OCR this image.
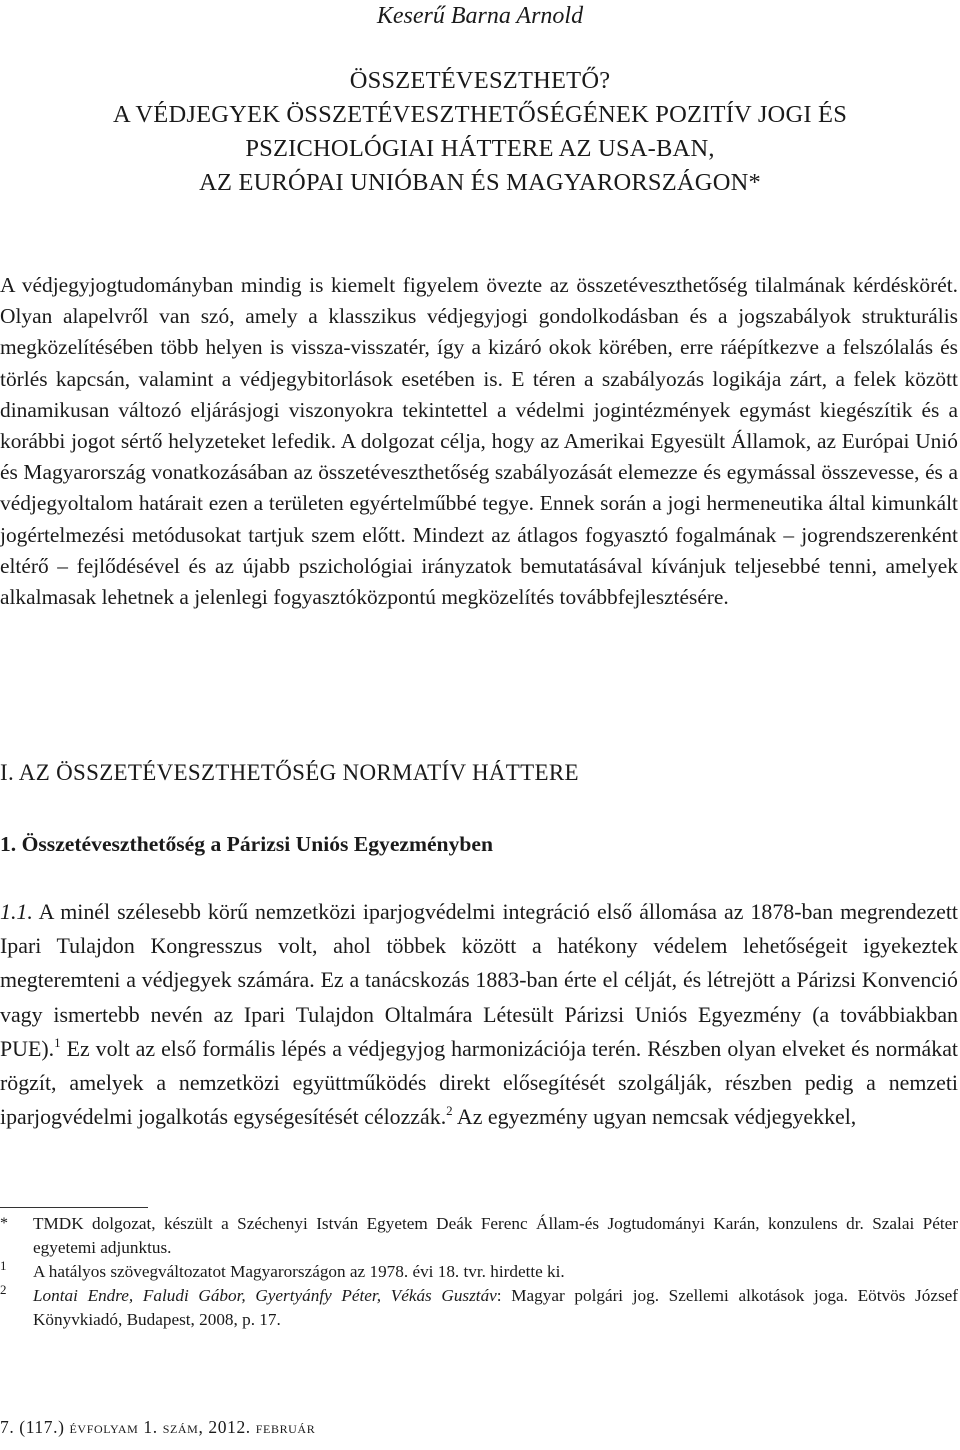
Keserű Barna Arnold
ÖSSZETÉVESZTHETŐ?
A VÉDJEGYEK ÖSSZETÉVESZTHETŐSÉGÉNEK POZITÍV JOGI ÉS
PSZICHOLÓGIAI HÁTTERE AZ USA-BAN,
AZ EURÓPAI UNIÓBAN ÉS MAGYARORSZÁGON*

A védjegyjogtudományban mindig is kiemelt figyelem övezte az összetéveszthetőség tilalmának kérdéskörét. Olyan alapelvről van szó, amely a klasszikus védjegyjogi gondolkodásban és a jogszabályok strukturális megközelítésében több helyen is vissza-visszatér, így a kizáró okok körében, erre ráépítkezve a felszólalás és törlés kapcsán, valamint a védjegybitorlások esetében is. E téren a szabályozás logikája zárt, a felek között dinamikusan változó eljárásjogi viszonyokra tekintettel a védelmi jogintézmények egymást kiegészítik és a korábbi jogot sértő helyzeteket lefedik. A dolgozat célja, hogy az Amerikai Egyesült Államok, az Európai Unió és Magyarország vonatkozásában az összetéveszthetőség szabályozását elemezze és egymással összevesse, és a védjegyoltalom határait ezen a területen egyértelműbbé tegye. Ennek során a jogi hermeneutika által kimunkált jogértelmezési metódusokat tartjuk szem előtt. Mindezt az átlagos fogyasztó fogalmának – jogrendszerenként eltérő – fejlődésével és az újabb pszichológiai irányzatok bemutatásával kívánjuk teljesebbé tenni, amelyek alkalmasak lehetnek a jelenlegi fogyasztóközpontú megközelítés továbbfejlesztésére.

I. AZ ÖSSZETÉVESZTHETŐSÉG NORMATÍV HÁTTERE
1. Összetéveszthetőség a Párizsi Uniós Egyezményben

1.1. A minél szélesebb körű nemzetközi iparjogvédelmi integráció első állomása az 1878-ban megrendezett Ipari Tulajdon Kongresszus volt, ahol többek között a hatékony védelem lehetőségeit igyekeztek megteremteni a védjegyek számára. Ez a tanácskozás 1883-ban érte el célját, és létrejött a Párizsi Konvenció vagy ismertebb nevén az Ipari Tulajdon Oltalmára Létesült Párizsi Uniós Egyezmény (a továbbiakban PUE).$^1$ Ez volt az első formális lépés a védjegyjog harmonizációja terén. Részben olyan elveket és normákat rögzít, amelyek a nemzetközi együttműködés direkt elősegítését szolgálják, részben pedig a nemzeti iparjogvédelmi jogalkotás egységesítését célozzák.$^2$ Az egyezmény ugyan nemcsak védjegyekkel,

* TMDK dolgozat, készült a Széchenyi István Egyetem Deák Ferenc Állam-és Jogtudományi Karán, konzulens dr. Szalai Péter egyetemi adjunktus.
1 A hatályos szövegváltozatot Magyarországon az 1978. évi 18. tvr. hirdette ki.
2 Lontai Endre, Faludi Gábor, Gyertyánfy Péter, Vékás Gusztáv: Magyar polgári jog. Szellemi alkotások joga. Eötvös József Könyvkiadó, Budapest, 2008, p. 17.
7. (117.) évfolyam 1. szám, 2012. február
